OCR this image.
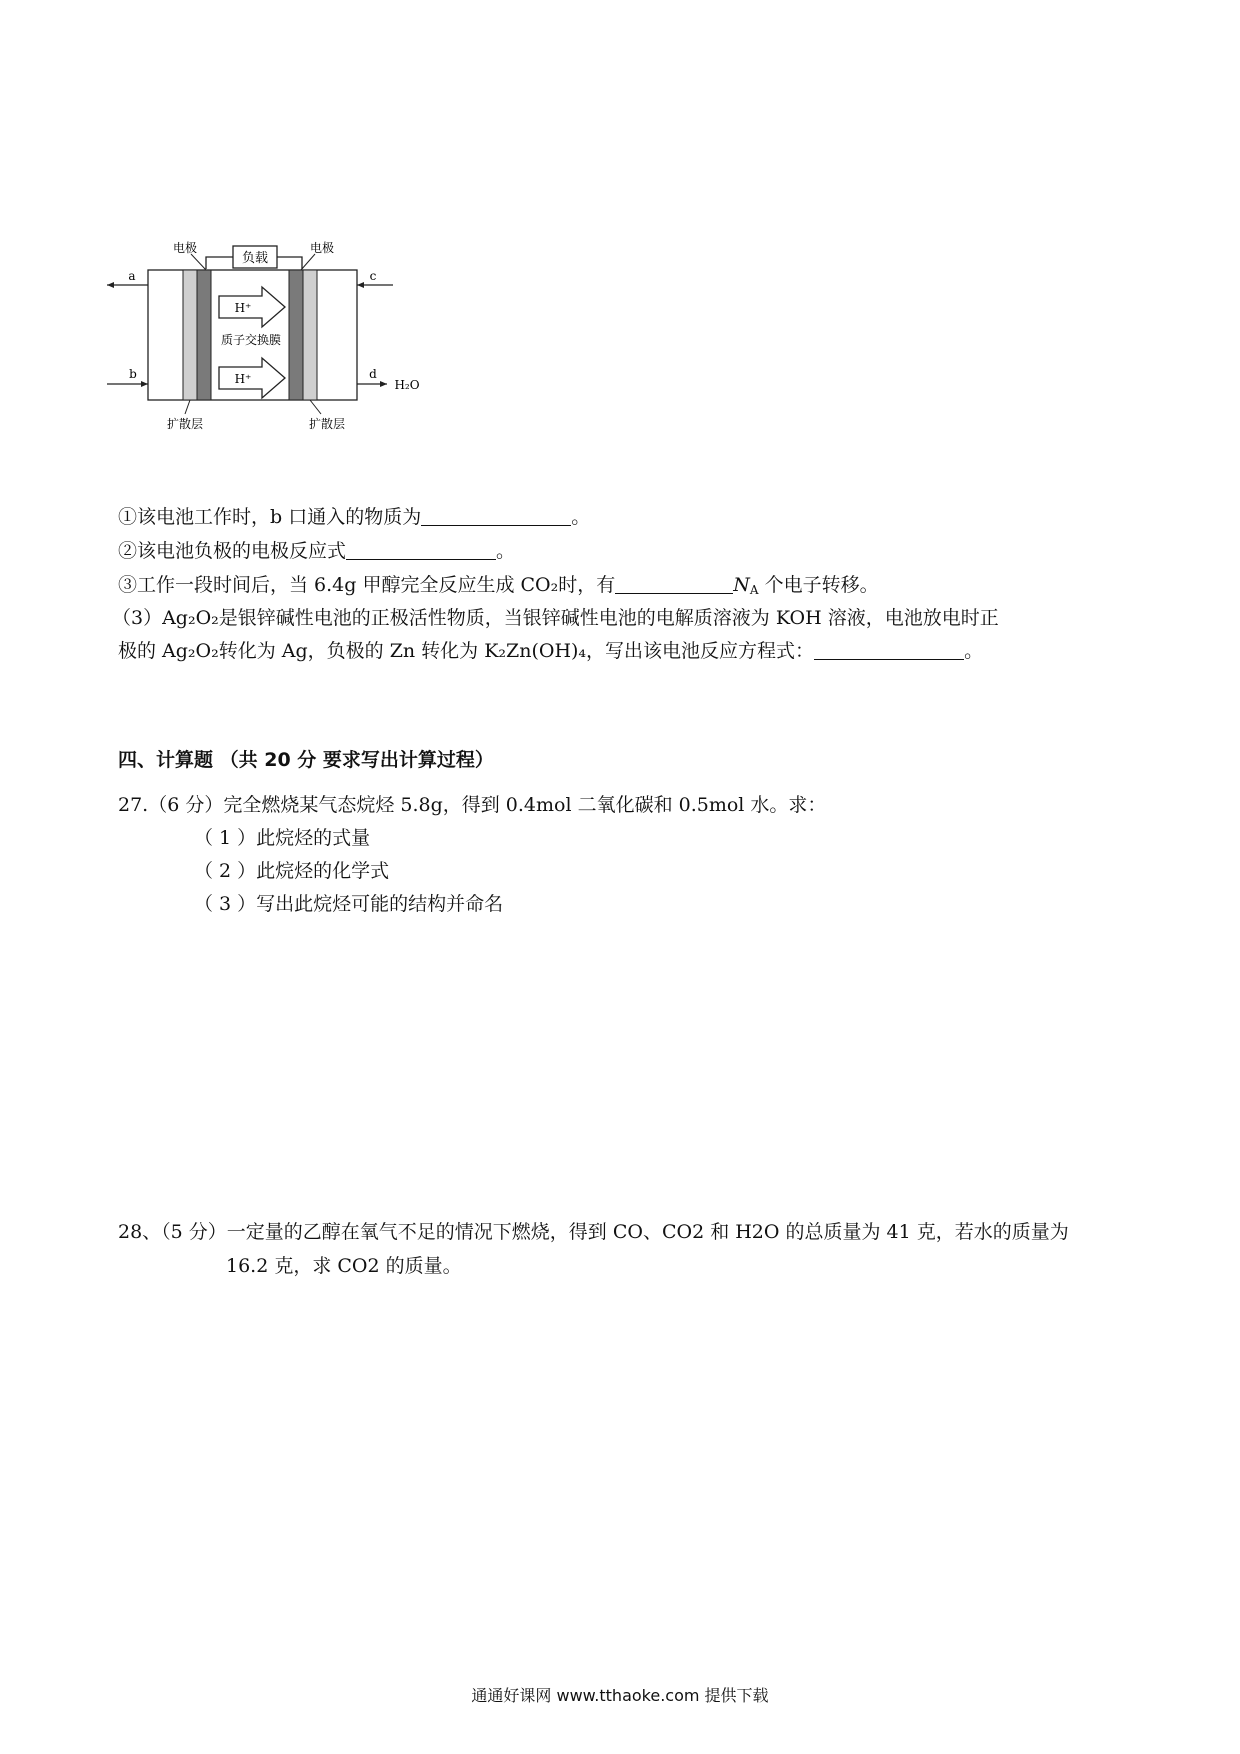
负载
电极	电极
H⁺
质子交换膜
H⁺
a
b
c
d
H₂O
扩散层	扩散层
①该电池工作时，b 口通入的物质为	。
②该电池负极的电极反应式	。
③工作一段时间后，当 6.4g 甲醇完全反应生成 CO₂时，有	$N_A$ 个电子转移。
（3）Ag₂O₂是银锌碱性电池的正极活性物质，当银锌碱性电池的电解质溶液为 KOH 溶液，电池放电时正
极的 Ag₂O₂转化为 Ag，负极的 Zn 转化为 K₂Zn(OH)₄，写出该电池反应方程式：	。
四、计算题 （共 20 分 要求写出计算过程）
27.（6 分）完全燃烧某气态烷烃 5.8g，得到 0.4mol 二氧化碳和 0.5mol 水。求：
（ 1 ）此烷烃的式量
（ 2 ）此烷烃的化学式
（ 3 ）写出此烷烃可能的结构并命名
28、（5 分）一定量的乙醇在氧气不足的情况下燃烧，得到 CO、CO2 和 H2O 的总质量为 41 克，若水的质量为
16.2 克，求 CO2 的质量。
通通好课网 www.tthaoke.com 提供下载
